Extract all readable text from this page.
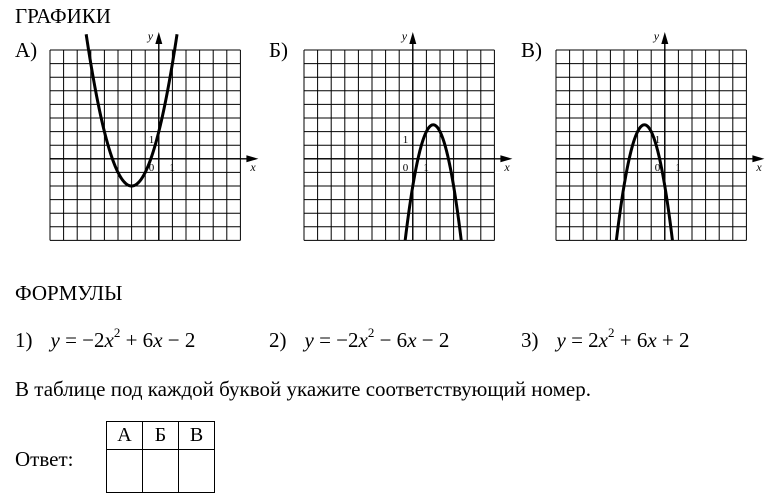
ГРАФИКИ
А)	Б)	В)
y
x
1
0 1
y
x
1
0 1
y
x
1
0 1
ФОРМУЛЫ
1) $y = -2x^2 + 6x - 2$	2) $y = -2x^2 - 6x - 2$	3) $y = 2x^2 + 6x + 2$
В таблице под каждой буквой укажите соответствующий номер.
Ответ:
А	Б	В
